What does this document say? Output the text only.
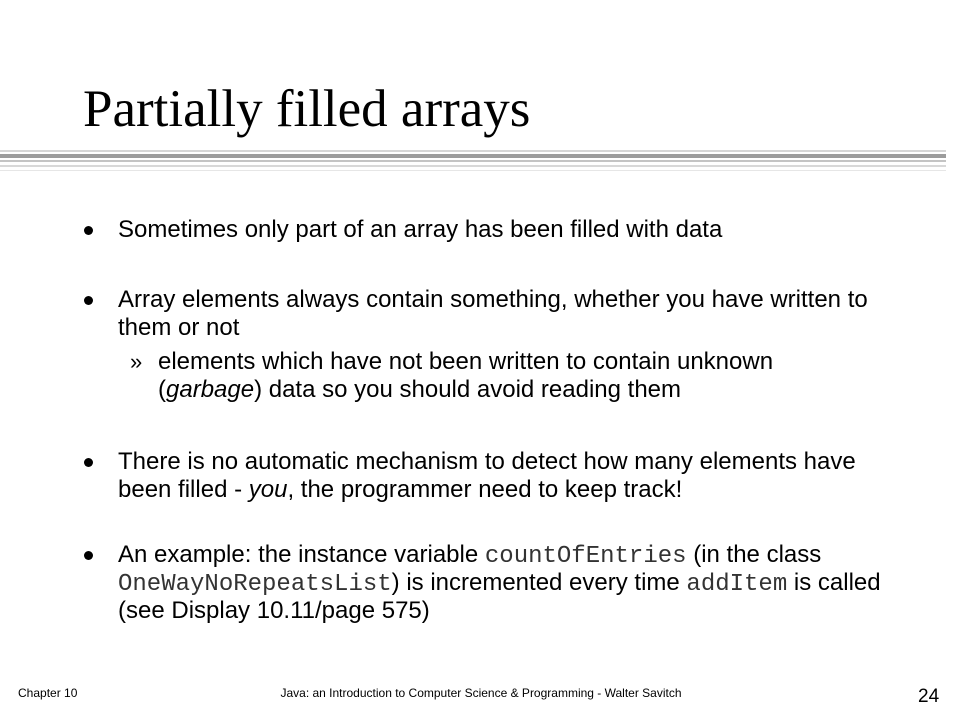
Partially filled arrays
Sometimes only part of an array has been filled with data
Array elements always contain something, whether you have written to
them or not
» elements which have not been written to contain unknown
(garbage) data so you should avoid reading them
There is no automatic mechanism to detect how many elements have
been filled - you, the programmer need to keep track!
An example: the instance variable countOfEntries (in the class
OneWayNoRepeatsList) is incremented every time addItem is called
(see Display 10.11/page 575)
Chapter 10	Java: an Introduction to Computer Science & Programming - Walter Savitch	24
